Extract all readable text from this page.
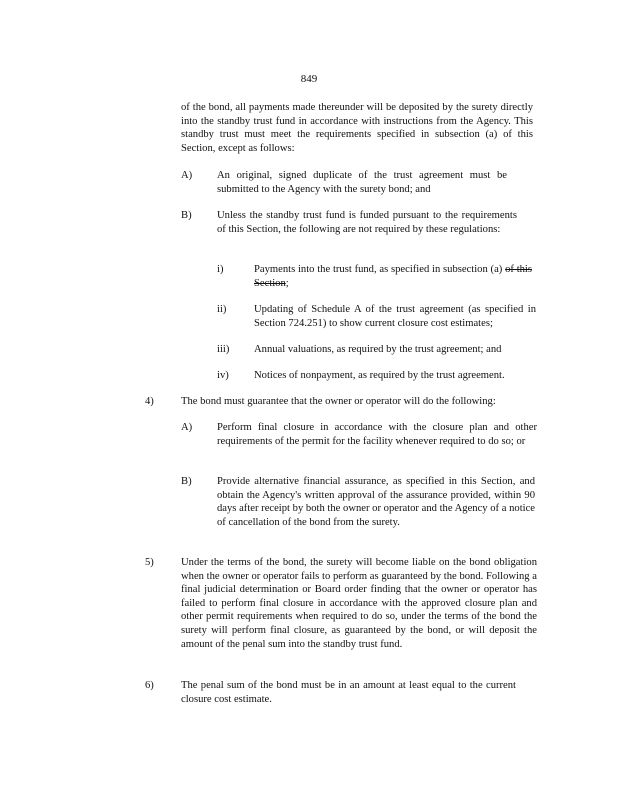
849
of the bond, all payments made thereunder will be deposited by the surety directly into the standby trust fund in accordance with instructions from the Agency. This standby trust must meet the requirements specified in subsection (a) of this Section, except as follows:
A) An original, signed duplicate of the trust agreement must be submitted to the Agency with the surety bond; and
B) Unless the standby trust fund is funded pursuant to the requirements of this Section, the following are not required by these regulations:
i)	Payments into the trust fund, as specified in subsection (a) of this Section;
ii)	Updating of Schedule A of the trust agreement (as specified in Section 724.251) to show current closure cost estimates;
iii) Annual valuations, as required by the trust agreement; and
iv) Notices of nonpayment, as required by the trust agreement.
4)	The bond must guarantee that the owner or operator will do the following:
A) Perform final closure in accordance with the closure plan and other requirements of the permit for the facility whenever required to do so; or
B) Provide alternative financial assurance, as specified in this Section, and obtain the Agency's written approval of the assurance provided, within 90 days after receipt by both the owner or operator and the Agency of a notice of cancellation of the bond from the surety.
5)	Under the terms of the bond, the surety will become liable on the bond obligation when the owner or operator fails to perform as guaranteed by the bond. Following a final judicial determination or Board order finding that the owner or operator has failed to perform final closure in accordance with the approved closure plan and other permit requirements when required to do so, under the terms of the bond the surety will perform final closure, as guaranteed by the bond, or will deposit the amount of the penal sum into the standby trust fund.
6)	The penal sum of the bond must be in an amount at least equal to the current closure cost estimate.
